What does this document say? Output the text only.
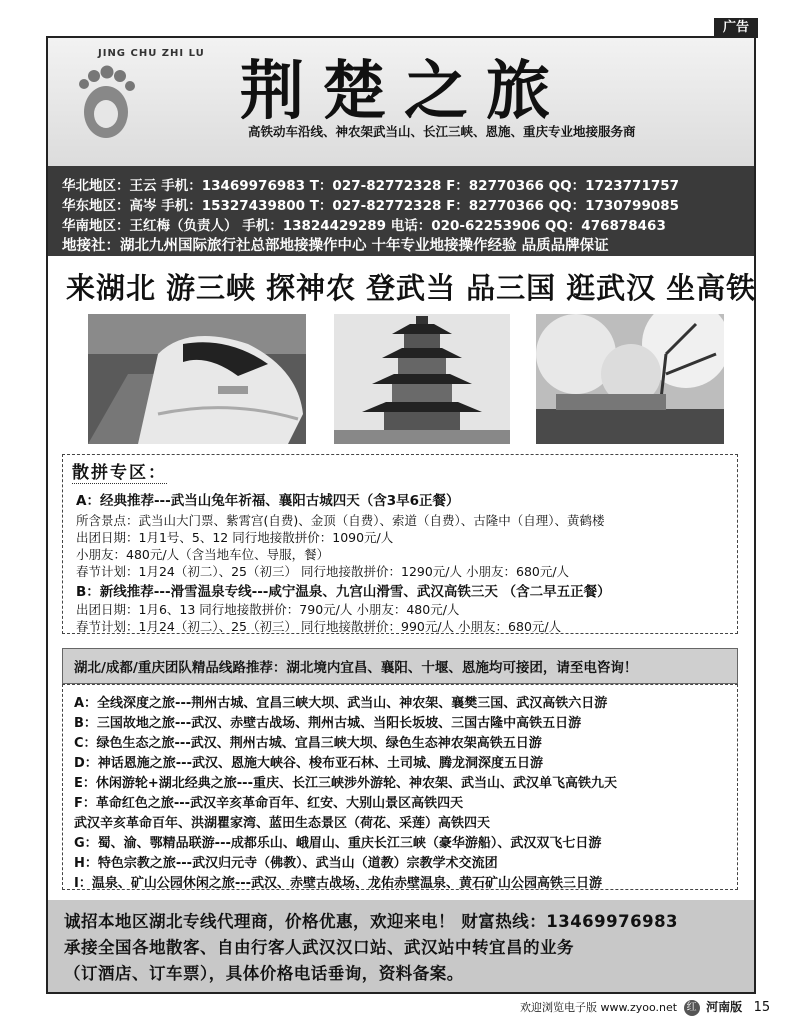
广告
JING CHU ZHI LU
荆楚之旅
高铁动车沿线、神农架武当山、长江三峡、恩施、重庆专业地接服务商
华北地区：王云 手机：13469976983 T：027-82772328 F：82770366 QQ：1723771757
华东地区：高岑 手机：15327439800 T：027-82772328 F：82770366 QQ：1730799085
华南地区：王红梅（负责人） 手机：13824429289 电话：020-62253906 QQ：476878463
地接社：湖北九州国际旅行社总部地接操作中心 十年专业地接操作经验 品质品牌保证
来湖北 游三峡 探神农 登武当 品三国 逛武汉 坐高铁
散拼专区：
A：经典推荐---武当山兔年祈福、襄阳古城四天（含3早6正餐）
所含景点：武当山大门票、紫霄宫(自费)、金顶（自费）、索道（自费）、古隆中（自理）、黄鹤楼
出团日期：1月1号、5、12 同行地接散拼价：1090元/人
小朋友：480元/人（含当地车位、导服，餐）
春节计划：1月24（初二）、25（初三） 同行地接散拼价：1290元/人 小朋友：680元/人
B：新线推荐---滑雪温泉专线---咸宁温泉、九宫山滑雪、武汉高铁三天 （含二早五正餐）
出团日期：1月6、13 同行地接散拼价：790元/人 小朋友：480元/人
春节计划：1月24（初二）、25（初三） 同行地接散拼价：990元/人 小朋友：680元/人
湖北/成都/重庆团队精品线路推荐：湖北境内宜昌、襄阳、十堰、恩施均可接团，请至电咨询！
A：全线深度之旅---荆州古城、宜昌三峡大坝、武当山、神农架、襄樊三国、武汉高铁六日游
B：三国故地之旅---武汉、赤壁古战场、荆州古城、当阳长坂坡、三国古隆中高铁五日游
C：绿色生态之旅---武汉、荆州古城、宜昌三峡大坝、绿色生态神农架高铁五日游
D：神话恩施之旅---武汉、恩施大峡谷、梭布亚石林、土司城、腾龙洞深度五日游
E：休闲游轮+湖北经典之旅---重庆、长江三峡涉外游轮、神农架、武当山、武汉单飞高铁九天
F：革命红色之旅---武汉辛亥革命百年、红安、大别山景区高铁四天
武汉辛亥革命百年、洪湖瞿家湾、蓝田生态景区（荷花、采莲）高铁四天
G：蜀、渝、鄂精品联游---成都乐山、峨眉山、重庆长江三峡（豪华游船）、武汉双飞七日游
H：特色宗教之旅---武汉归元寺（佛教）、武当山（道教）宗教学术交流团
I：温泉、矿山公园休闲之旅---武汉、赤壁古战场、龙佑赤壁温泉、黄石矿山公园高铁三日游
诚招本地区湖北专线代理商，价格优惠，欢迎来电！ 财富热线：13469976983
承接全国各地散客、自由行客人武汉汉口站、武汉站中转宜昌的业务
（订酒店、订车票），具体价格电话垂询，资料备案。
欢迎浏览电子版 www.zyoo.net 红 河南版 15
